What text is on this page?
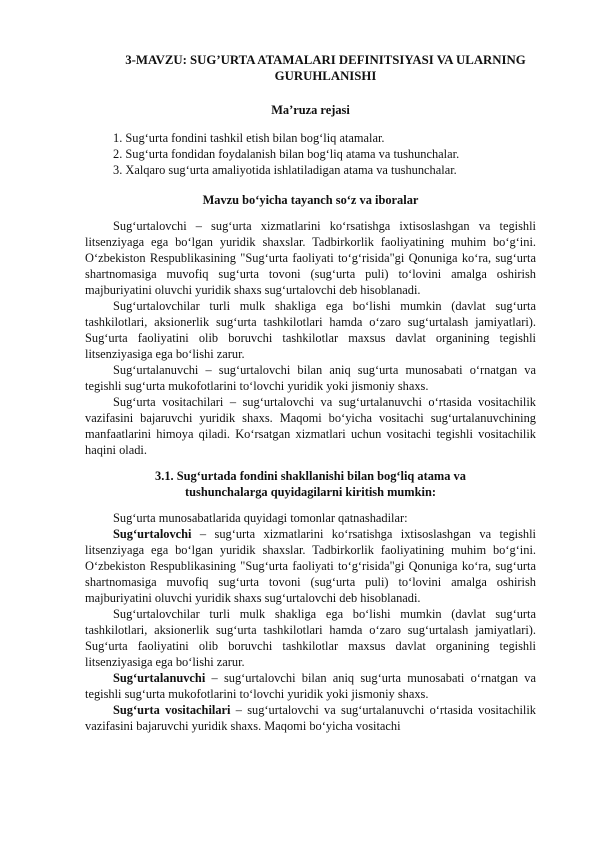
3-MAVZU: SUG’URTA ATAMALARI DEFINITSIYASI VA ULARNING GURUHLANISHI
Ma’ruza rejasi
1. Sug‘urta fondini tashkil etish bilan bog‘liq atamalar.
2. Sug‘urta fondidan foydalanish bilan bog‘liq atama va tushunchalar.
3. Xalqaro sug‘urta amaliyotida ishlatiladigan atama va tushunchalar.
Mavzu bo‘yicha tayanch so‘z va iboralar

Sug‘urtalovchi – sug‘urta xizmatlarini ko‘rsatishga ixtisoslashgan va tegishli litsenziyaga ega bo‘lgan yuridik shaxslar. Tadbirkorlik faoliyatining muhim bo‘g‘ini. O‘zbekiston Respublikasining "Sug‘urta faoliyati to‘g‘risida"gi Qonuniga ko‘ra, sug‘urta shartnomasiga muvofiq sug‘urta tovoni (sug‘urta puli) to‘lovini amalga oshirish majburiyatini oluvchi yuridik shaxs sug‘urtalovchi deb hisoblanadi.

Sug‘urtalovchilar turli mulk shakliga ega bo‘lishi mumkin (davlat sug‘urta tashkilotlari, aksionerlik sug‘urta tashkilotlari hamda o‘zaro sug‘urtalash jamiyatlari). Sug‘urta faoliyatini olib boruvchi tashkilotlar maxsus davlat organining tegishli litsenziyasiga ega bo‘lishi zarur.

Sug‘urtalanuvchi – sug‘urtalovchi bilan aniq sug‘urta munosabati o‘rnatgan va tegishli sug‘urta mukofotlarini to‘lovchi yuridik yoki jismoniy shaxs.

Sug‘urta vositachilari – sug‘urtalovchi va sug‘urtalanuvchi o‘rtasida vositachilik vazifasini bajaruvchi yuridik shaxs. Maqomi bo‘yicha vositachi sug‘urtalanuvchining manfaatlarini himoya qiladi. Ko‘rsatgan xizmatlari uchun vositachi tegishli vositachilik haqini oladi.

3.1. Sug‘urtada fondini shakllanishi bilan bog‘liq atama va tushunchalarga quyidagilarni kiritish mumkin:

Sug‘urta munosabatlarida quyidagi tomonlar qatnashadilar:

Sug‘urtalovchi – sug‘urta xizmatlarini ko‘rsatishga ixtisoslashgan va tegishli litsenziyaga ega bo‘lgan yuridik shaxslar. Tadbirkorlik faoliyatining muhim bo‘g‘ini. O‘zbekiston Respublikasining "Sug‘urta faoliyati to‘g‘risida"gi Qonuniga ko‘ra, sug‘urta shartnomasiga muvofiq sug‘urta tovoni (sug‘urta puli) to‘lovini amalga oshirish majburiyatini oluvchi yuridik shaxs sug‘urtalovchi deb hisoblanadi.

Sug‘urtalovchilar turli mulk shakliga ega bo‘lishi mumkin (davlat sug‘urta tashkilotlari, aksionerlik sug‘urta tashkilotlari hamda o‘zaro sug‘urtalash jamiyatlari). Sug‘urta faoliyatini olib boruvchi tashkilotlar maxsus davlat organining tegishli litsenziyasiga ega bo‘lishi zarur.

Sug‘urtalanuvchi – sug‘urtalovchi bilan aniq sug‘urta munosabati o‘rnatgan va tegishli sug‘urta mukofotlarini to‘lovchi yuridik yoki jismoniy shaxs.

Sug‘urta vositachilari – sug‘urtalovchi va sug‘urtalanuvchi o‘rtasida vositachilik vazifasini bajaruvchi yuridik shaxs. Maqomi bo‘yicha vositachi
